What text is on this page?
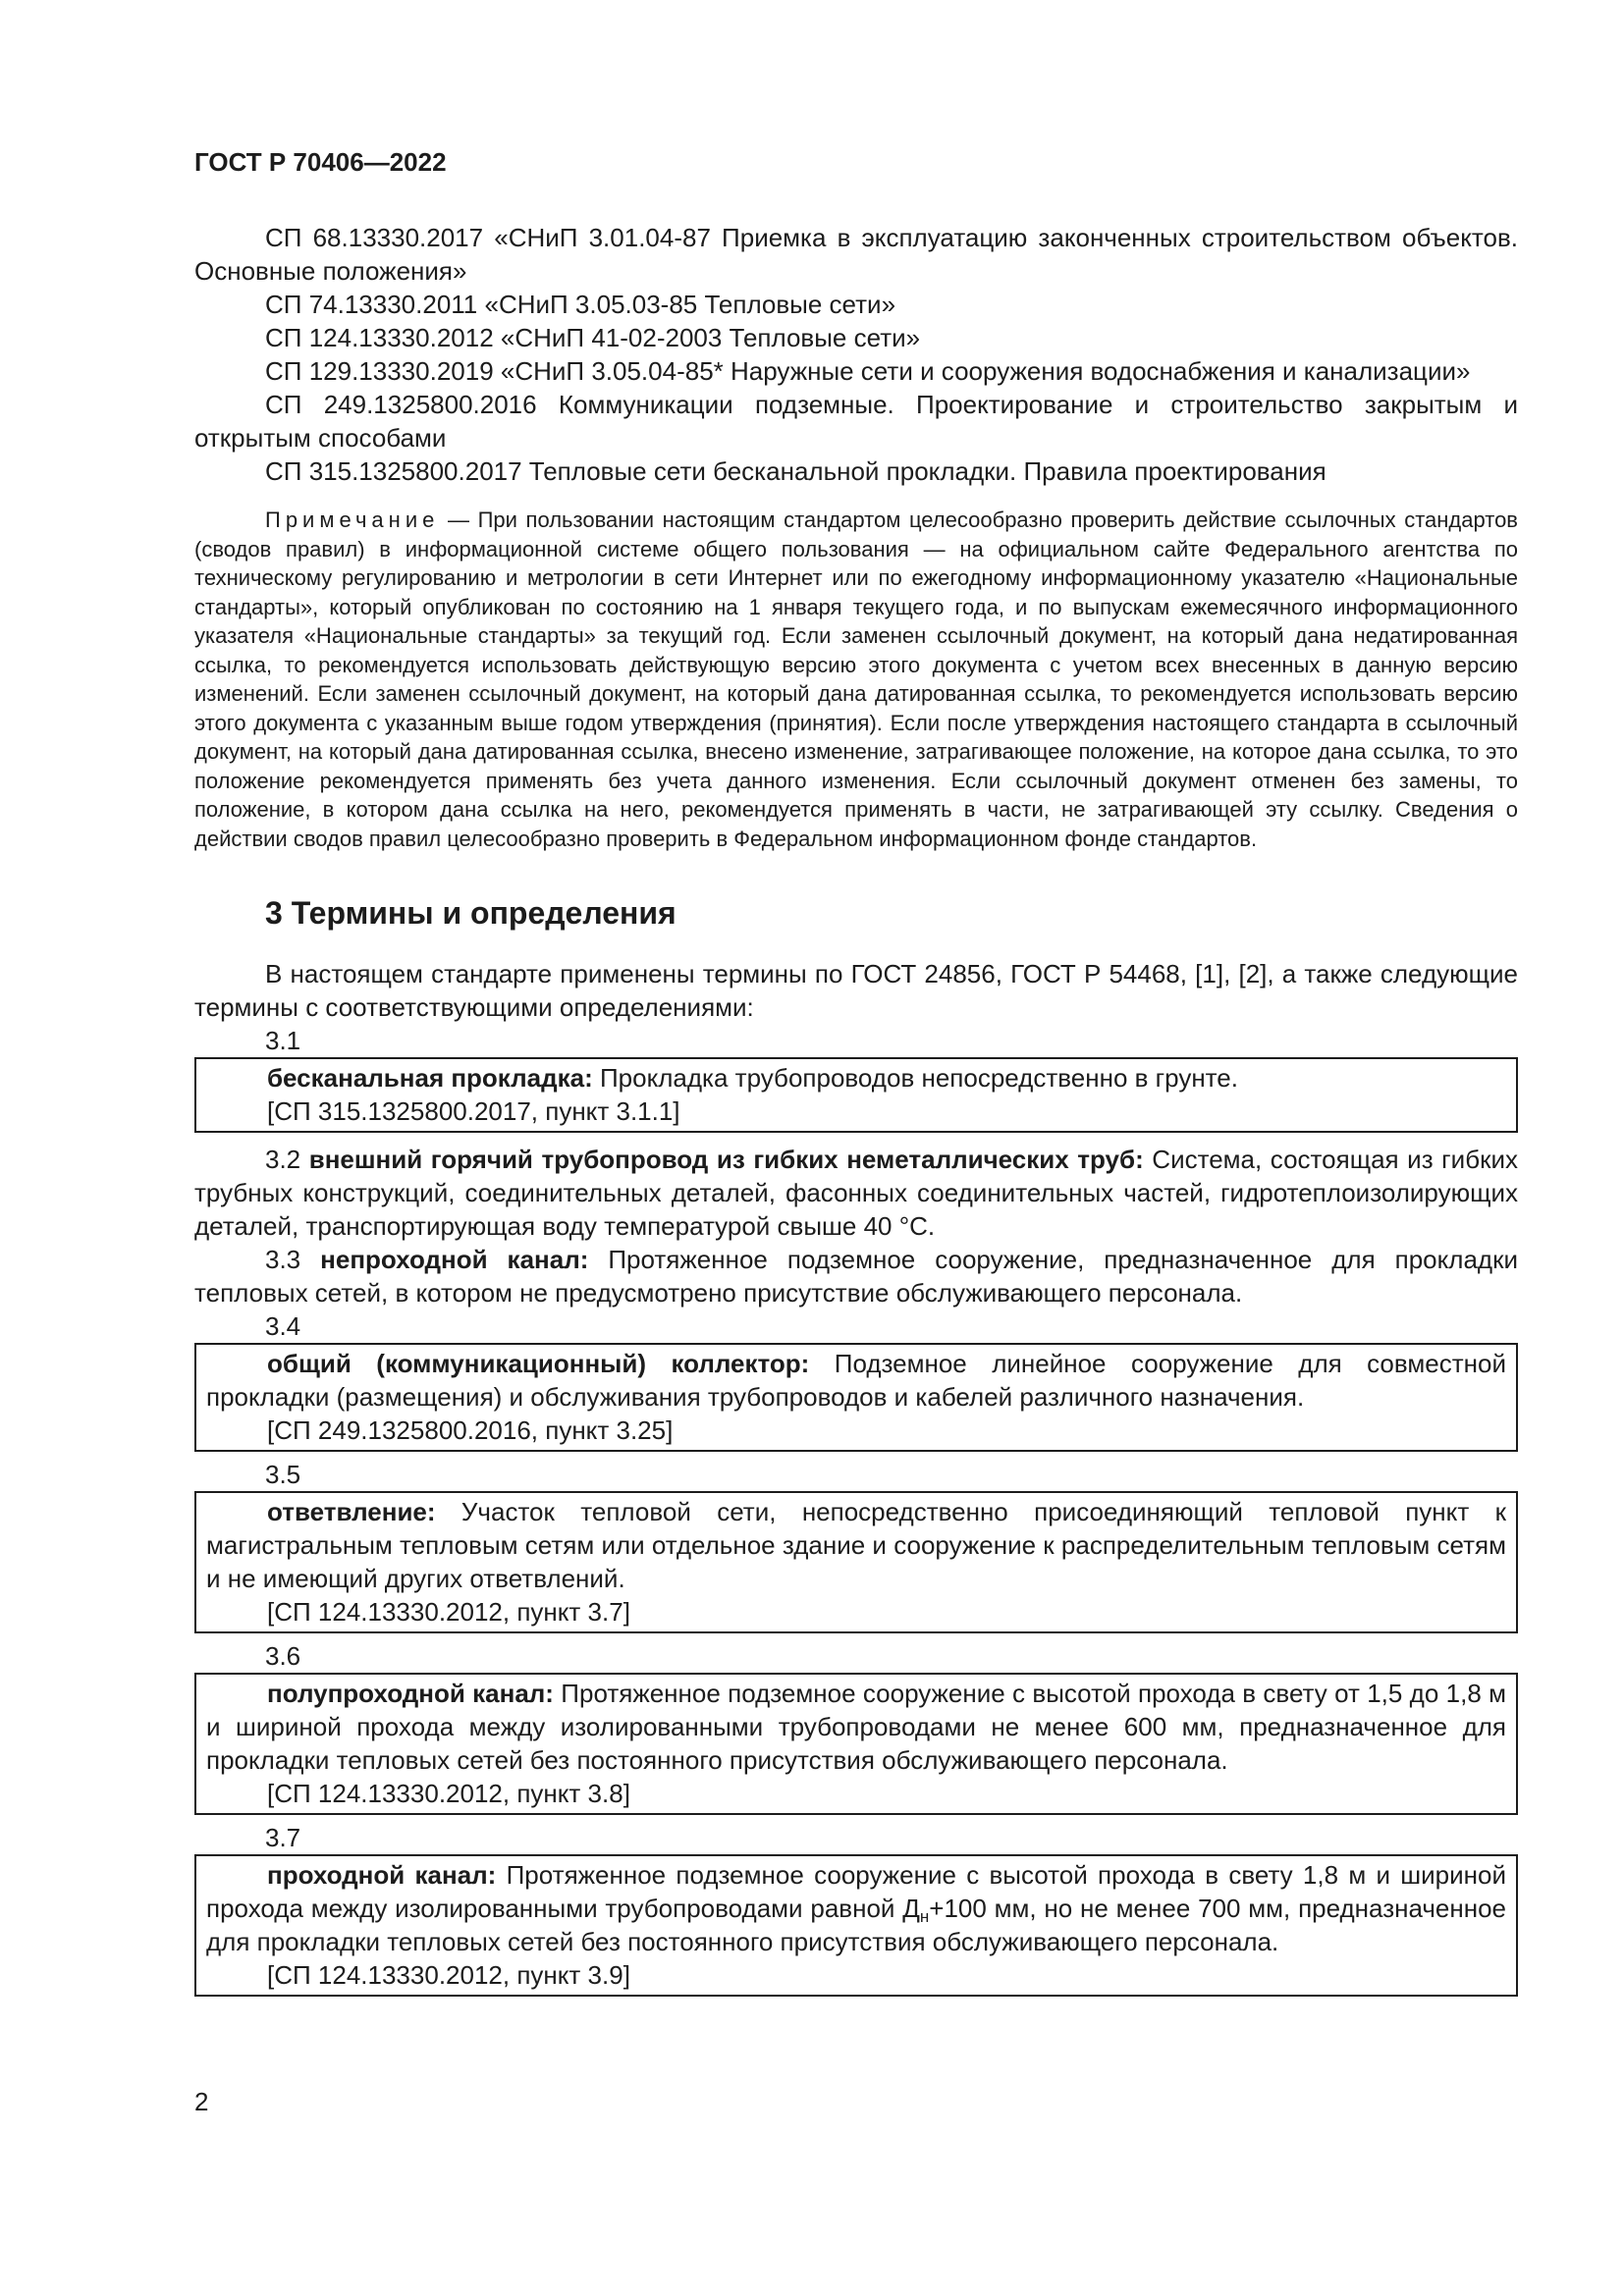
ГОСТ Р 70406—2022

СП 68.13330.2017 «СНиП 3.01.04-87 Приемка в эксплуатацию законченных строительством объектов. Основные положения»

СП 74.13330.2011 «СНиП 3.05.03-85 Тепловые сети»

СП 124.13330.2012 «СНиП 41-02-2003 Тепловые сети»

СП 129.13330.2019 «СНиП 3.05.04-85* Наружные сети и сооружения водоснабжения и канализации»

СП 249.1325800.2016 Коммуникации подземные. Проектирование и строительство закрытым и открытым способами

СП 315.1325800.2017 Тепловые сети бесканальной прокладки. Правила проектирования

Примечание — При пользовании настоящим стандартом целесообразно проверить действие ссылочных стандартов (сводов правил) в информационной системе общего пользования — на официальном сайте Федерального агентства по техническому регулированию и метрологии в сети Интернет или по ежегодному информационному указателю «Национальные стандарты», который опубликован по состоянию на 1 января текущего года, и по выпускам ежемесячного информационного указателя «Национальные стандарты» за текущий год. Если заменен ссылочный документ, на который дана недатированная ссылка, то рекомендуется использовать действующую версию этого документа с учетом всех внесенных в данную версию изменений. Если заменен ссылочный документ, на который дана датированная ссылка, то рекомендуется использовать версию этого документа с указанным выше годом утверждения (принятия). Если после утверждения настоящего стандарта в ссылочный документ, на который дана датированная ссылка, внесено изменение, затрагивающее положение, на которое дана ссылка, то это положение рекомендуется применять без учета данного изменения. Если ссылочный документ отменен без замены, то положение, в котором дана ссылка на него, рекомендуется применять в части, не затрагивающей эту ссылку. Сведения о действии сводов правил целесообразно проверить в Федеральном информационном фонде стандартов.

3 Термины и определения

В настоящем стандарте применены термины по ГОСТ 24856, ГОСТ Р 54468, [1], [2], а также следующие термины с соответствующими определениями:

3.1

бесканальная прокладка: Прокладка трубопроводов непосредственно в грунте.

[СП 315.1325800.2017, пункт 3.1.1]

3.2 внешний горячий трубопровод из гибких неметаллических труб: Система, состоящая из гибких трубных конструкций, соединительных деталей, фасонных соединительных частей, гидротеплоизолирующих деталей, транспортирующая воду температурой свыше 40 °С.

3.3 непроходной канал: Протяженное подземное сооружение, предназначенное для прокладки тепловых сетей, в котором не предусмотрено присутствие обслуживающего персонала.

3.4

общий (коммуникационный) коллектор: Подземное линейное сооружение для совместной прокладки (размещения) и обслуживания трубопроводов и кабелей различного назначения.

[СП 249.1325800.2016, пункт 3.25]
3.5

ответвление: Участок тепловой сети, непосредственно присоединяющий тепловой пункт к магистральным тепловым сетям или отдельное здание и сооружение к распределительным тепловым сетям и не имеющий других ответвлений.

[СП 124.13330.2012, пункт 3.7]
3.6

полупроходной канал: Протяженное подземное сооружение с высотой прохода в свету от 1,5 до 1,8 м и шириной прохода между изолированными трубопроводами не менее 600 мм, предназначенное для прокладки тепловых сетей без постоянного присутствия обслуживающего персонала.

[СП 124.13330.2012, пункт 3.8]
3.7

проходной канал: Протяженное подземное сооружение с высотой прохода в свету 1,8 м и шириной прохода между изолированными трубопроводами равной $Д_н+100$ мм, но не менее 700 мм, предназначенное для прокладки тепловых сетей без постоянного присутствия обслуживающего персонала.

[СП 124.13330.2012, пункт 3.9]
2
